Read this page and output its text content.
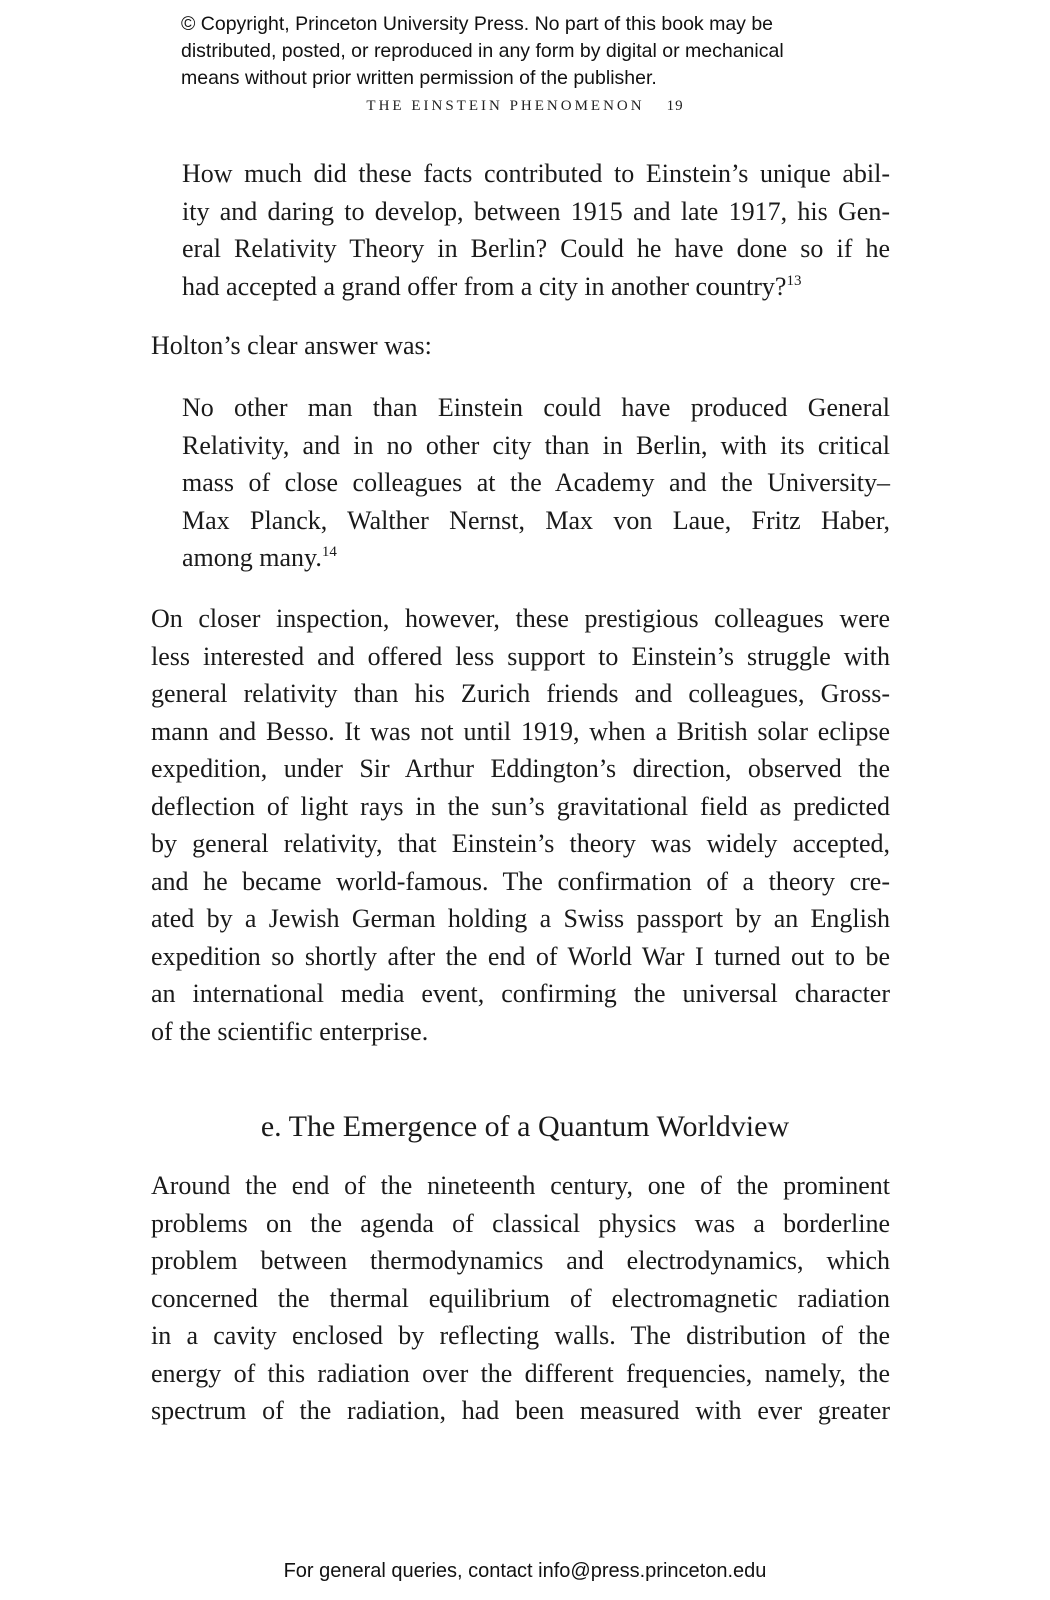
© Copyright, Princeton University Press. No part of this book may be
distributed, posted, or reproduced in any form by digital or mechanical
means without prior written permission of the publisher.
THE EINSTEIN PHENOMENON 19
How much did these facts contributed to Einstein’s unique abil-
ity and daring to develop, between 1915 and late 1917, his Gen-
eral Relativity Theory in Berlin? Could he have done so if he
had accepted a grand offer from a city in another country?$^{13}$
Holton’s clear answer was:
No other man than Einstein could have produced General
Relativity, and in no other city than in Berlin, with its critical
mass of close colleagues at the Academy and the University–
Max Planck, Walther Nernst, Max von Laue, Fritz Haber,
among many.$^{14}$
On closer inspection, however, these prestigious colleagues were
less interested and offered less support to Einstein’s struggle with
general relativity than his Zurich friends and colleagues, Gross-
mann and Besso. It was not until 1919, when a British solar eclipse
expedition, under Sir Arthur Eddington’s direction, observed the
deflection of light rays in the sun’s gravitational field as predicted
by general relativity, that Einstein’s theory was widely accepted,
and he became world-famous. The confirmation of a theory cre-
ated by a Jewish German holding a Swiss passport by an English
expedition so shortly after the end of World War I turned out to be
an international media event, confirming the universal character
of the scientific enterprise.
e. The Emergence of a Quantum Worldview
Around the end of the nineteenth century, one of the prominent
problems on the agenda of classical physics was a borderline
problem between thermodynamics and electrodynamics, which
concerned the thermal equilibrium of electromagnetic radiation
in a cavity enclosed by reflecting walls. The distribution of the
energy of this radiation over the different frequencies, namely, the
spectrum of the radiation, had been measured with ever greater
For general queries, contact info@press.princeton.edu
